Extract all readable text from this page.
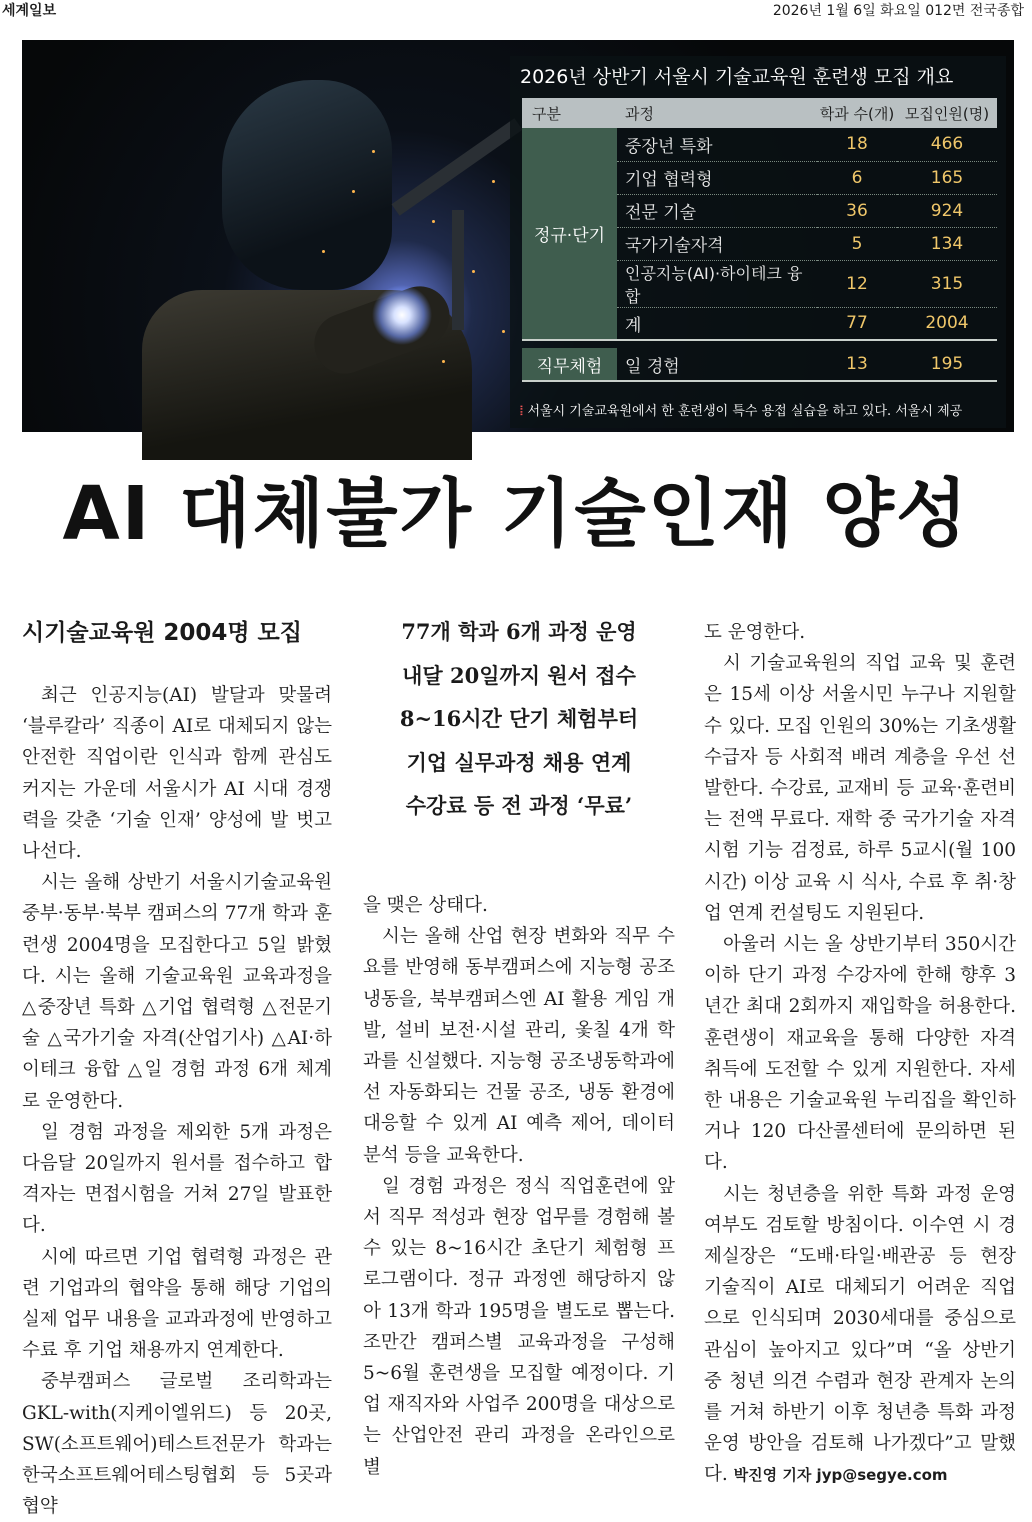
세계일보	2026년 1월 6일 화요일 012면 전국종합
2026년 상반기 서울시 기술교육원 훈련생 모집 개요
구분	과정	학과 수(개)	모집인원(명)
정규·단기	중장년 특화	18	466
	기업 협력형	6	165
	전문 기술	36	924
	국가기술자격	5	134
	인공지능(AI)·하이테크 융합	12	315
	계	77	2004

직무체험	일 경험	13	195
⦙ 서울시 기술교육원에서 한 훈련생이 특수 용접 실습을 하고 있다. 서울시 제공
AI 대체불가 기술인재 양성
시기술교육원 2004명 모집	77개 학과 6개 과정 운영
내달 20일까지 원서 접수
8~16시간 단기 체험부터
기업 실무과정 채용 연계
수강료 등 전 과정 ‘무료’

최근 인공지능(AI) 발달과 맞물려 ‘블루칼라’ 직종이 AI로 대체되지 않는 안전한 직업이란 인식과 함께 관심도 커지는 가운데 서울시가 AI 시대 경쟁력을 갖춘 ‘기술 인재’ 양성에 발 벗고 나선다.

시는 올해 상반기 서울시기술교육원 중부·동부·북부 캠퍼스의 77개 학과 훈련생 2004명을 모집한다고 5일 밝혔다. 시는 올해 기술교육원 교육과정을 △중장년 특화 △기업 협력형 △전문기술 △국가기술 자격(산업기사) △AI·하이테크 융합 △일 경험 과정 6개 체계로 운영한다.

일 경험 과정을 제외한 5개 과정은 다음달 20일까지 원서를 접수하고 합격자는 면접시험을 거쳐 27일 발표한다.

시에 따르면 기업 협력형 과정은 관련 기업과의 협약을 통해 해당 기업의 실제 업무 내용을 교과과정에 반영하고 수료 후 기업 채용까지 연계한다.

중부캠퍼스 글로벌 조리학과는 GKL-with(지케이엘위드) 등 20곳, SW(소프트웨어)테스트전문가 학과는 한국소프트웨어테스팅협회 등 5곳과 협약

을 맺은 상태다.

시는 올해 산업 현장 변화와 직무 수요를 반영해 동부캠퍼스에 지능형 공조 냉동을, 북부캠퍼스엔 AI 활용 게임 개발, 설비 보전·시설 관리, 옻칠 4개 학과를 신설했다. 지능형 공조냉동학과에선 자동화되는 건물 공조, 냉동 환경에 대응할 수 있게 AI 예측 제어, 데이터 분석 등을 교육한다.

일 경험 과정은 정식 직업훈련에 앞서 직무 적성과 현장 업무를 경험해 볼 수 있는 8~16시간 초단기 체험형 프로그램이다. 정규 과정엔 해당하지 않아 13개 학과 195명을 별도로 뽑는다. 조만간 캠퍼스별 교육과정을 구성해 5~6월 훈련생을 모집할 예정이다. 기업 재직자와 사업주 200명을 대상으로는 산업안전 관리 과정을 온라인으로 별

도 운영한다.

시 기술교육원의 직업 교육 및 훈련은 15세 이상 서울시민 누구나 지원할 수 있다. 모집 인원의 30%는 기초생활수급자 등 사회적 배려 계층을 우선 선발한다. 수강료, 교재비 등 교육·훈련비는 전액 무료다. 재학 중 국가기술 자격시험 기능 검정료, 하루 5교시(월 100시간) 이상 교육 시 식사, 수료 후 취·창업 연계 컨설팅도 지원된다.

아울러 시는 올 상반기부터 350시간 이하 단기 과정 수강자에 한해 향후 3년간 최대 2회까지 재입학을 허용한다. 훈련생이 재교육을 통해 다양한 자격 취득에 도전할 수 있게 지원한다. 자세한 내용은 기술교육원 누리집을 확인하거나 120 다산콜센터에 문의하면 된다.

시는 청년층을 위한 특화 과정 운영 여부도 검토할 방침이다. 이수연 시 경제실장은 “도배·타일·배관공 등 현장 기술직이 AI로 대체되기 어려운 직업으로 인식되며 2030세대를 중심으로 관심이 높아지고 있다”며 “올 상반기 중 청년 의견 수렴과 현장 관계자 논의를 거쳐 하반기 이후 청년층 특화 과정 운영 방안을 검토해 나가겠다”고 말했다. 박진영 기자 jyp@segye.com
